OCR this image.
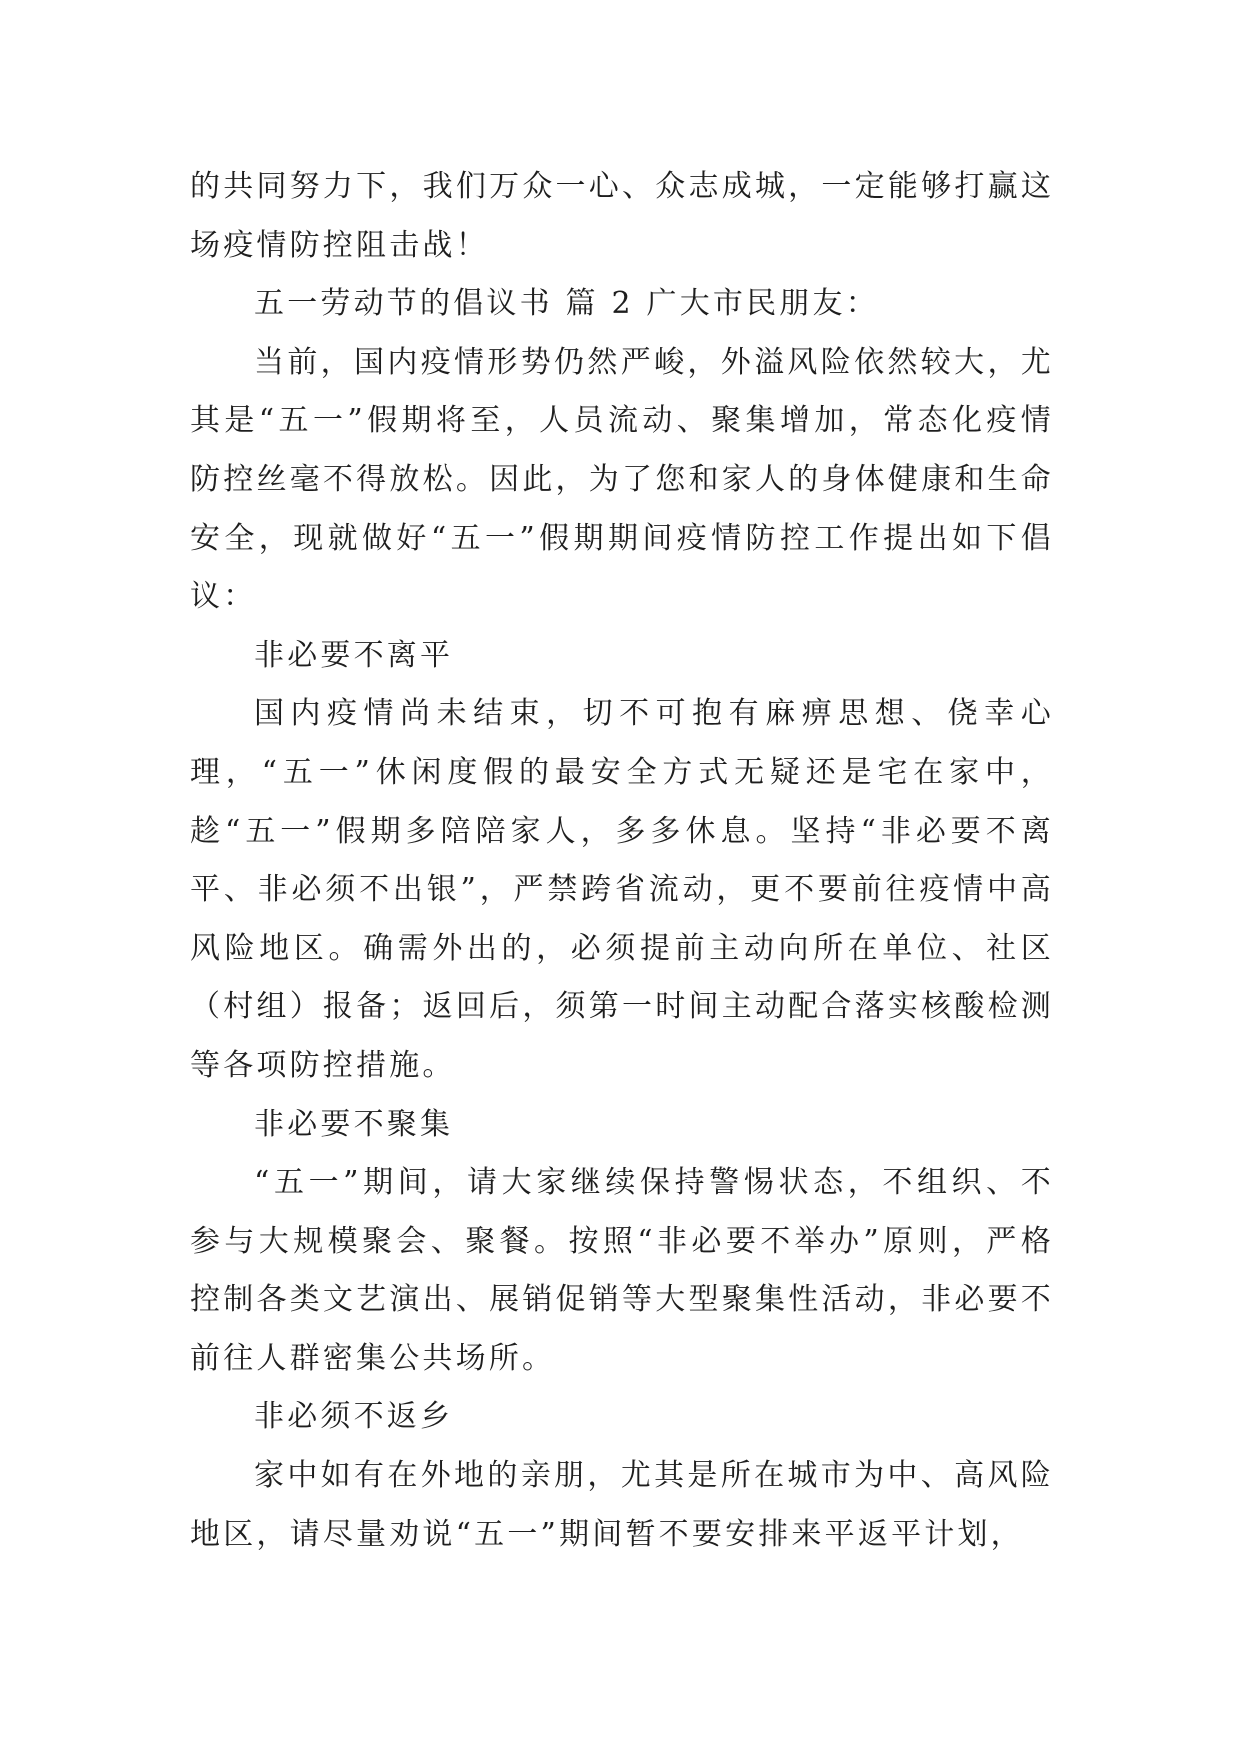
的共同努力下，我们万众一心、众志成城，一定能够打赢这场疫情防控阻击战！

五一劳动节的倡议书 篇 2 广大市民朋友：

当前，国内疫情形势仍然严峻，外溢风险依然较大，尤其是“五一”假期将至，人员流动、聚集增加，常态化疫情防控丝毫不得放松。因此，为了您和家人的身体健康和生命安全，现就做好“五一”假期期间疫情防控工作提出如下倡议：

非必要不离平

国内疫情尚未结束，切不可抱有麻痹思想、侥幸心理，“五一”休闲度假的最安全方式无疑还是宅在家中，趁“五一”假期多陪陪家人，多多休息。坚持“非必要不离平、非必须不出银”，严禁跨省流动，更不要前往疫情中高风险地区。确需外出的，必须提前主动向所在单位、社区（村组）报备；返回后，须第一时间主动配合落实核酸检测等各项防控措施。

非必要不聚集

“五一”期间，请大家继续保持警惕状态，不组织、不参与大规模聚会、聚餐。按照“非必要不举办”原则，严格控制各类文艺演出、展销促销等大型聚集性活动，非必要不前往人群密集公共场所。

非必须不返乡

家中如有在外地的亲朋，尤其是所在城市为中、高风险地区，请尽量劝说“五一”期间暂不要安排来平返平计划，
